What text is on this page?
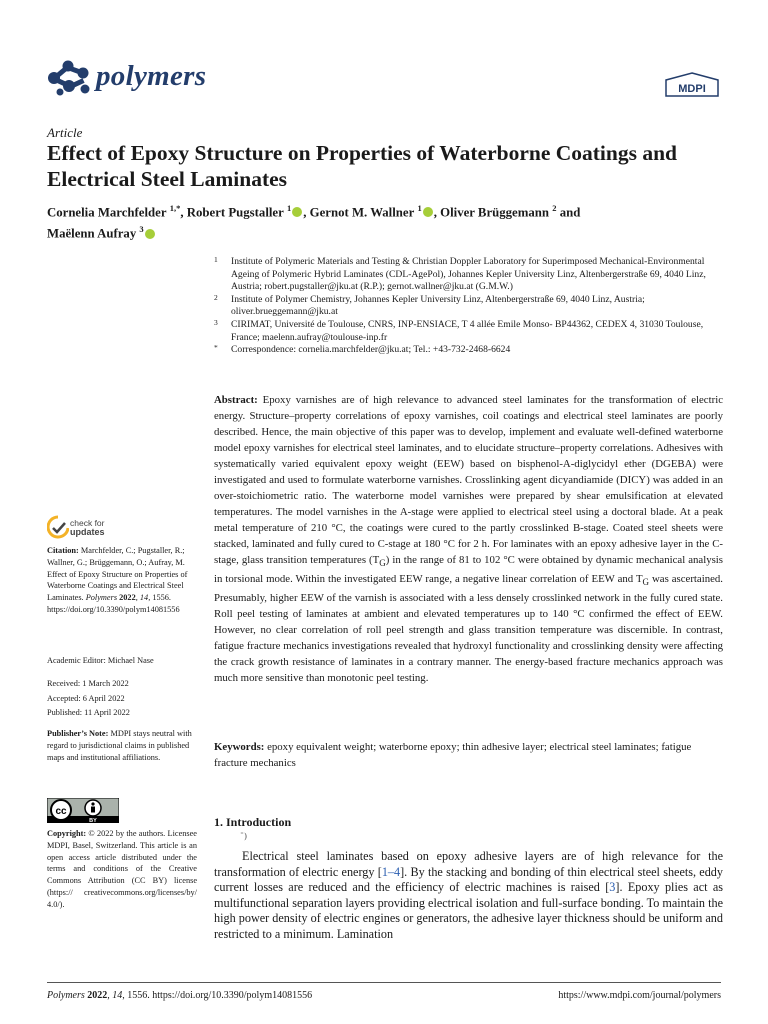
polymers	MDPI
Article
Effect of Epoxy Structure on Properties of Waterborne Coatings and Electrical Steel Laminates
Cornelia Marchfelder $^{1,*}$, Robert Pugstaller $^1$ , Gernot M. Wallner $^1$ , Oliver Brüggemann $^2$ and
Maëlenn Aufray $^3$
1 Institute of Polymeric Materials and Testing & Christian Doppler Laboratory for Superimposed Mechanical-Environmental Ageing of Polymeric Hybrid Laminates (CDL-AgePol), Johannes Kepler University Linz, Altenbergerstraße 69, 4040 Linz, Austria; robert.pugstaller@jku.at (R.P.); gernot.wallner@jku.at (G.M.W.)
2 Institute of Polymer Chemistry, Johannes Kepler University Linz, Altenbergerstraße 69, 4040 Linz, Austria; oliver.brueggemann@jku.at
3 CIRIMAT, Université de Toulouse, CNRS, INP-ENSIACE, T 4 allée Emile Monso- BP44362, CEDEX 4, 31030 Toulouse, France; maelenn.aufray@toulouse-inp.fr
* Correspondence: cornelia.marchfelder@jku.at; Tel.: +43-732-2468-6624

Abstract: Epoxy varnishes are of high relevance to advanced steel laminates for the transformation of electric energy. Structure–property correlations of epoxy varnishes, coil coatings and electrical steel laminates are poorly described. Hence, the main objective of this paper was to develop, implement and evaluate well-defined waterborne model epoxy varnishes for electrical steel laminates, and to elucidate structure–property correlations. Adhesives with systematically varied equivalent epoxy weight (EEW) based on bisphenol-A-diglycidyl ether (DGEBA) were investigated and used to formulate waterborne varnishes. Crosslinking agent dicyandiamide (DICY) was added in an over-stoichiometric ratio. The waterborne model varnishes were prepared by shear emulsification at elevated temperatures. The model varnishes in the A-stage were applied to electrical steel using a doctoral blade. At a peak metal temperature of 210 °C, the coatings were cured to the partly crosslinked B-stage. Coated steel sheets were stacked, laminated and fully cured to C-stage at 180 °C for 2 h. For laminates with an epoxy adhesive layer in the C-stage, glass transition temperatures $(T_G)$ in the range of 81 to 102 °C were obtained by dynamic mechanical analysis in torsional mode. Within the investigated EEW range, a negative linear correlation of EEW and $T_G$ was ascertained. Presumably, higher EEW of the varnish is associated with a less densely crosslinked network in the fully cured state. Roll peel testing of laminates at ambient and elevated temperatures up to 140 °C confirmed the effect of EEW. However, no clear correlation of roll peel strength and glass transition temperature was discernible. In contrast, fatigue fracture mechanics investigations revealed that hydroxyl functionality and crosslinking density were affecting the crack growth resistance of laminates in a contrary manner. The energy-based fracture mechanics approach was much more sensitive than monotonic peel testing.

Keywords: epoxy equivalent weight; waterborne epoxy; thin adhesive layer; electrical steel laminates; fatigue fracture mechanics

check for
updates
Citation: Marchfelder, C.; Pugstaller, R.; Wallner, G.; Brüggemann, O.; Aufray, M. Effect of Epoxy Structure on Properties of Waterborne Coatings and Electrical Steel Laminates. Polymers 2022, 14, 1556. https://doi.org/10.3390/polym14081556
Academic Editor: Michael Nase
Received: 1 March 2022
Accepted: 6 April 2022
Published: 11 April 2022
Publisher’s Note: MDPI stays neutral with regard to jurisdictional claims in published maps and institutional affiliations.
cc
BY
Copyright: © 2022 by the authors. Licensee MDPI, Basel, Switzerland. This article is an open access article distributed under the terms and conditions of the Creative Commons Attribution (CC BY) license (https:// creativecommons.org/licenses/by/ 4.0/).
1. Introduction
¨)

Electrical steel laminates based on epoxy adhesive layers are of high relevance for the transformation of electric energy [1–4]. By the stacking and bonding of thin electrical steel sheets, eddy current losses are reduced and the efficiency of electric machines is raised [3]. Epoxy plies act as multifunctional separation layers providing electrical isolation and full-surface bonding. To maintain the high power density of electric engines or generators, the adhesive layer thickness should be uniform and restricted to a minimum. Lamination

Polymers 2022, 14, 1556. https://doi.org/10.3390/polym14081556	https://www.mdpi.com/journal/polymers
